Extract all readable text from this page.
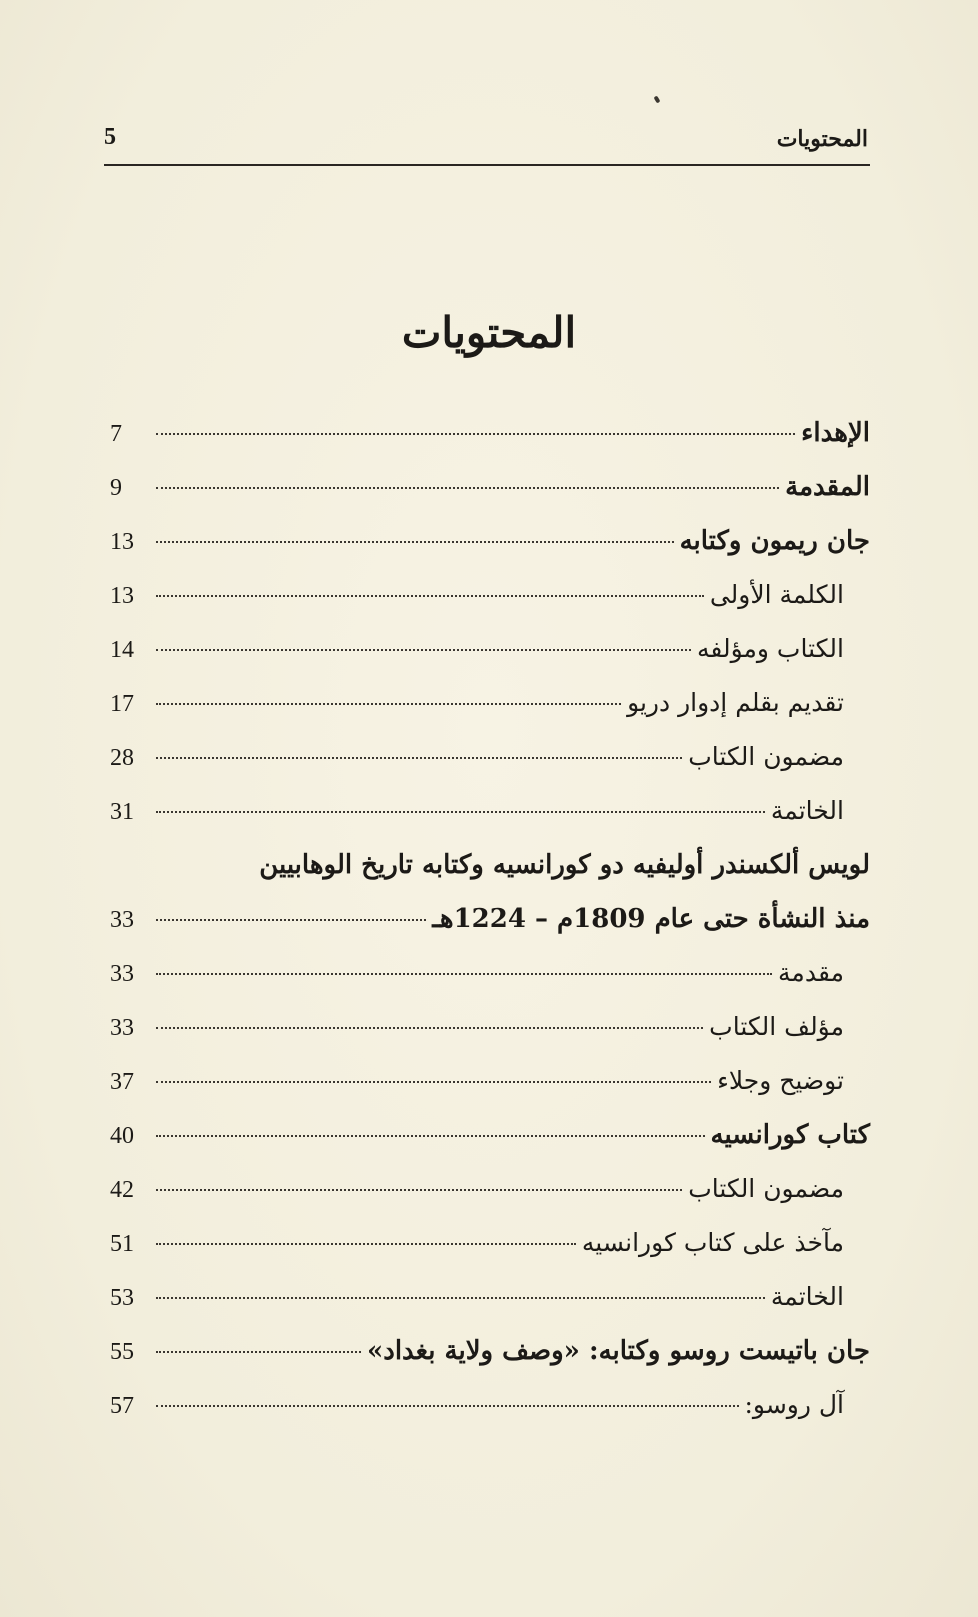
المحتويات
5
المحتويات
الإهداء
7
المقدمة
9
جان ريمون وكتابه
13
الكلمة الأولى
13
الكتاب ومؤلفه
14
تقديم بقلم إدوار دريو
17
مضمون الكتاب
28
الخاتمة
31
لويس ألكسندر أوليفيه دو كورانسيه وكتابه تاريخ الوهابيين
منذ النشأة حتى عام 1809م – 1224هـ
33
مقدمة
33
مؤلف الكتاب
33
توضيح وجلاء
37
كتاب كورانسيه
40
مضمون الكتاب
42
مآخذ على كتاب كورانسيه
51
الخاتمة
53
جان باتيست روسو وكتابه: «وصف ولاية بغداد»
55
آل روسو:
57
